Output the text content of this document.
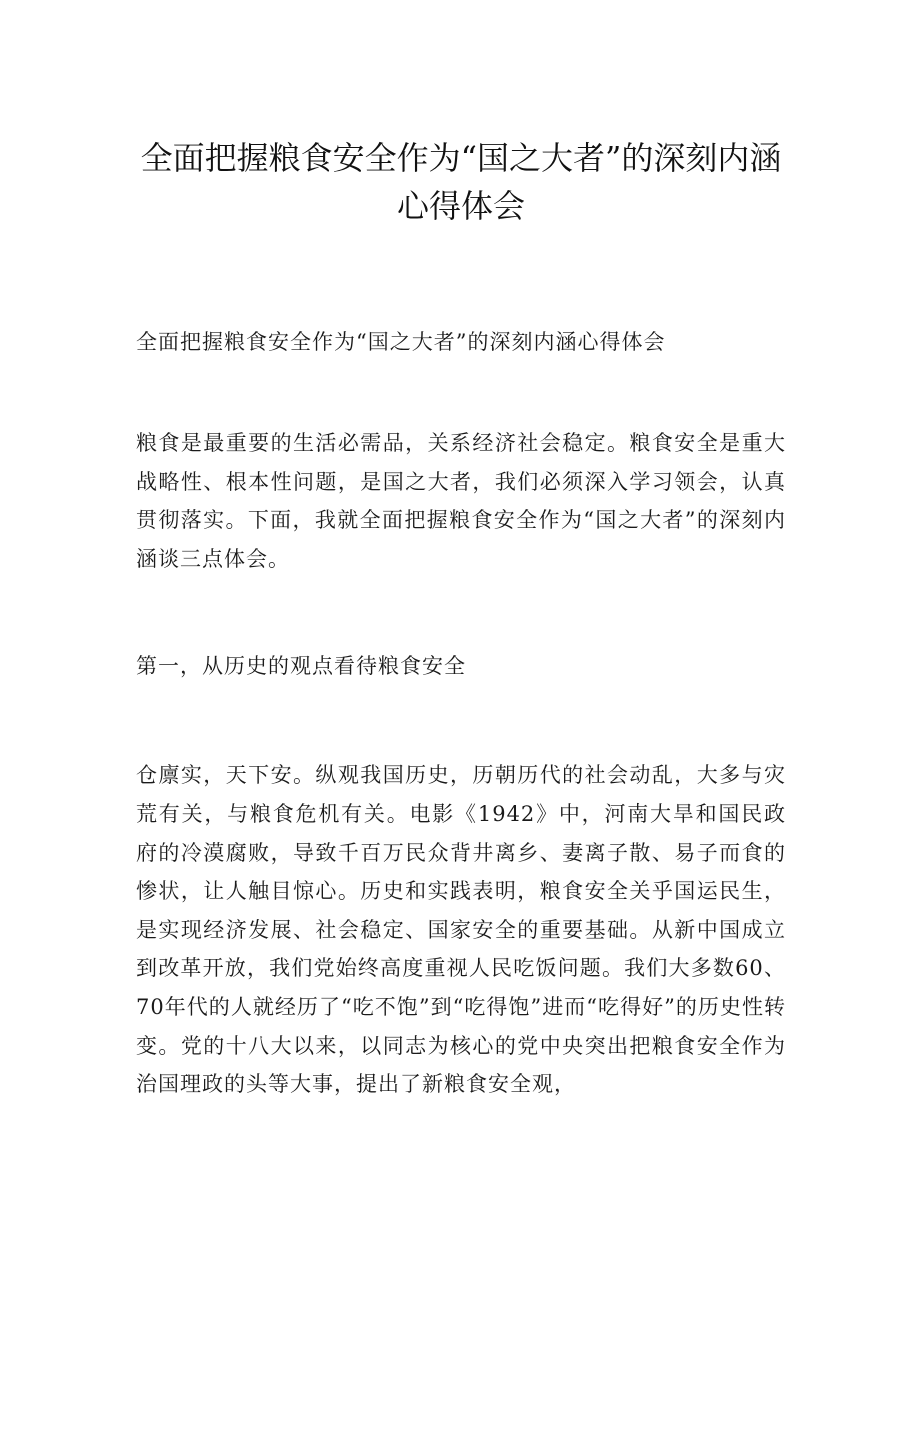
全面把握粮食安全作为“国之大者”的深刻内涵心得体会

全面把握粮食安全作为“国之大者”的深刻内涵心得体会

粮食是最重要的生活必需品，关系经济社会稳定。粮食安全是重大战略性、根本性问题，是国之大者，我们必须深入学习领会，认真贯彻落实。下面，我就全面把握粮食安全作为“国之大者”的深刻内涵谈三点体会。

第一，从历史的观点看待粮食安全

仓廪实，天下安。纵观我国历史，历朝历代的社会动乱，大多与灾荒有关，与粮食危机有关。电影《1942》中，河南大旱和国民政府的冷漠腐败，导致千百万民众背井离乡、妻离子散、易子而食的惨状，让人触目惊心。历史和实践表明，粮食安全关乎国运民生，是实现经济发展、社会稳定、国家安全的重要基础。从新中国成立到改革开放，我们党始终高度重视人民吃饭问题。我们大多数60、70年代的人就经历了“吃不饱”到“吃得饱”进而“吃得好”的历史性转变。党的十八大以来，以同志为核心的党中央突出把粮食安全作为治国理政的头等大事，提出了新粮食安全观，
